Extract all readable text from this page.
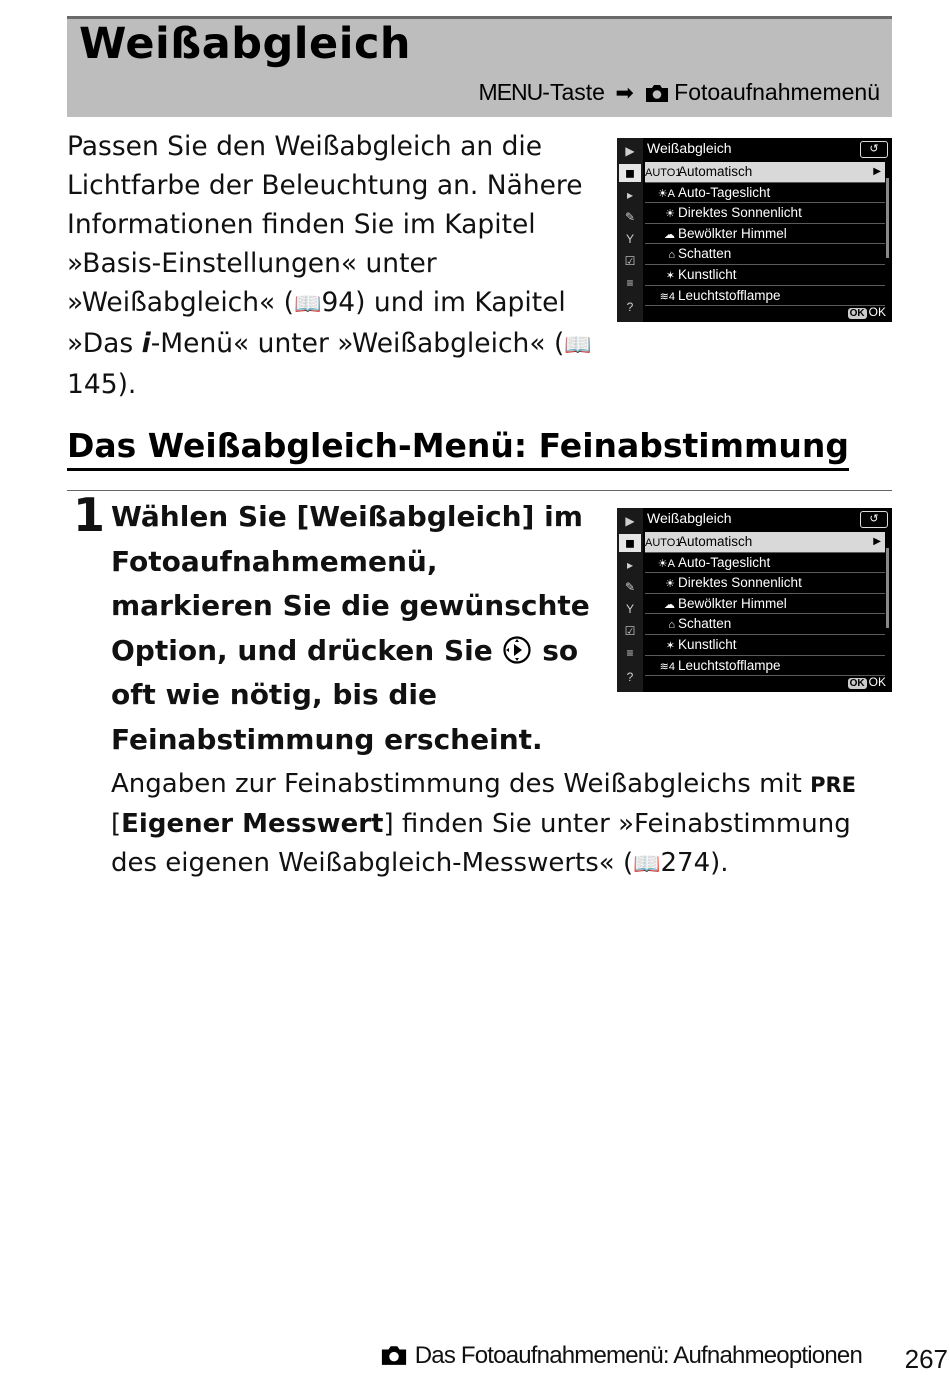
Weißabgleich
MENU-Taste ➡ Fotoaufnahmemenü

Passen Sie den Weißabgleich an die Lichtfarbe der Beleuchtung an. Nähere Informationen finden Sie im Kapitel »Basis-Einstellungen« unter »Weißabgleich« (📖94) und im Kapitel »Das i-Menü« unter »Weißabgleich« (📖145).

▶
◼
▸
✎
Y
☑
≡
?
Weißabgleich	↺
AUTO1Automatisch	▶
☀A Auto-Tageslicht
☀ Direktes Sonnenlicht
☁ Bewölkter Himmel
⌂ Schatten
✶ Kunstlicht
≋4 Leuchtstofflampe
OK OK
Das Weißabgleich-Menü: Feinabstimmung
1 Wählen Sie [Weißabgleich] im Fotoaufnahmemenü, markieren Sie die gewünschte Option, und drücken Sie  so oft wie nötig, bis die Feinabstimmung erscheint.

▶
◼
▸
✎
Y
☑
≡
?
Weißabgleich	↺
AUTO1Automatisch	▶
☀A Auto-Tageslicht
☀ Direktes Sonnenlicht
☁ Bewölkter Himmel
⌂ Schatten
✶ Kunstlicht
≋4 Leuchtstofflampe
OK OK

Angaben zur Feinabstimmung des Weißabgleichs mit PRE
[Eigener Messwert] finden Sie unter »Feinabstimmung des eigenen Weißabgleich-Messwerts« (📖274).

Das Fotoaufnahmemenü: Aufnahmeoptionen 267
